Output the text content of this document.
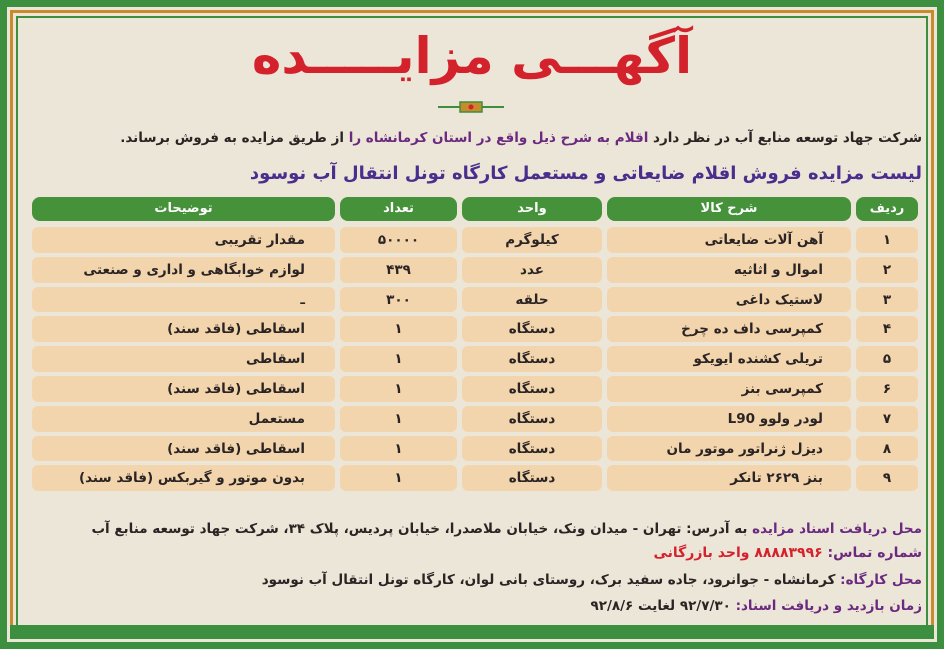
آگهـــی مزایـــــده
شرکت جهاد توسعه منابع آب در نظر دارد اقلام به شرح ذیل واقع در استان کرمانشاه را از طریق مزایده به فروش برساند.
لیست مزایده فروش اقلام ضایعاتی و مستعمل کارگاه تونل انتقال آب نوسود
ردیف
شرح کالا
واحد
تعداد
توضیحات
۱
آهن آلات ضایعاتی
کیلوگرم
۵۰۰۰۰
مقدار تقریبی
۲
اموال و اثاثیه
عدد
۴۳۹
لوازم خوابگاهی و اداری و صنعتی
۳
لاستیک داغی
حلقه
۳۰۰
ـ
۴
کمپرسی داف ده چرخ
دستگاه
۱
اسقاطی (فاقد سند)
۵
تریلی کشنده ایویکو
دستگاه
۱
اسقاطی
۶
کمپرسی بنز
دستگاه
۱
اسقاطی (فاقد سند)
۷
لودر ولوو L90
دستگاه
۱
مستعمل
۸
دیزل ژنراتور موتور مان
دستگاه
۱
اسقاطی (فاقد سند)
۹
بنز ۲۶۲۹ تانکر
دستگاه
۱
بدون موتور و گیربکس (فاقد سند)
محل دریافت اسناد مزایده به آدرس: تهران - میدان ونک، خیابان ملاصدرا، خیابان پردیس، پلاک ۳۴، شرکت جهاد توسعه منابع آب
شماره تماس: ۸۸۸۸۳۹۹۶ واحد بازرگانی
محل کارگاه: کرمانشاه - جوانرود، جاده سفید برک، روستای بانی لوان، کارگاه تونل انتقال آب نوسود
زمان بازدید و دریافت اسناد: ۹۲/۷/۳۰ لغایت ۹۲/۸/۶
